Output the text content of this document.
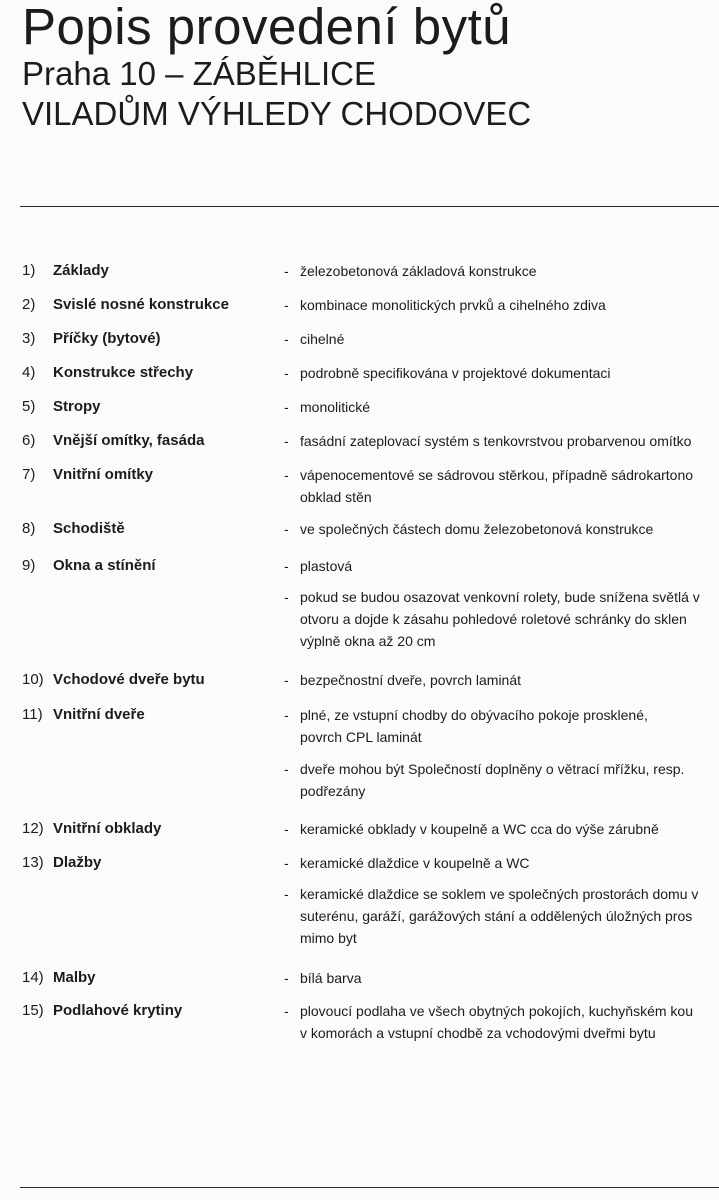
Popis provedení bytů
Praha 10 – ZÁBĚHLICE
VILADŮM VÝHLEDY CHODOVEC
1)	Základy	- železobetonová základová konstrukce
2)	Svislé nosné konstrukce	- kombinace monolitických prvků a cihelného zdiva
3)	Příčky (bytové)	- cihelné
4)	Konstrukce střechy	- podrobně specifikována v projektové dokumentaci
5)	Stropy	- monolitické
6)	Vnější omítky, fasáda	- fasádní zateplovací systém s tenkovrstvou probarvenou omítko
7)	Vnitřní omítky	- vápenocementové se sádrovou stěrkou, případně sádrokartono
obklad stěn
8)	Schodiště	- ve společných částech domu železobetonová konstrukce
9)	Okna a stínění	- plastová
- pokud se budou osazovat venkovní rolety, bude snížena světlá v
otvoru a dojde k zásahu pohledové roletové schránky do sklen
výplně okna až 20 cm
10) Vchodové dveře bytu	- bezpečnostní dveře, povrch laminát
11) Vnitřní dveře	- plné, ze vstupní chodby do obývacího pokoje prosklené,
povrch CPL laminát
- dveře mohou být Společností doplněny o větrací mřížku, resp.
podřezány
12) Vnitřní obklady	- keramické obklady v koupelně a WC cca do výše zárubně
13) Dlažby	- keramické dlaždice v koupelně a WC
- keramické dlaždice se soklem ve společných prostorách domu v
suterénu, garáží, garážových stání a oddělených úložných pros
mimo byt
14) Malby	- bílá barva
15) Podlahové krytiny	- plovoucí podlaha ve všech obytných pokojích, kuchyňském kou
v komorách a vstupní chodbě za vchodovými dveřmi bytu
